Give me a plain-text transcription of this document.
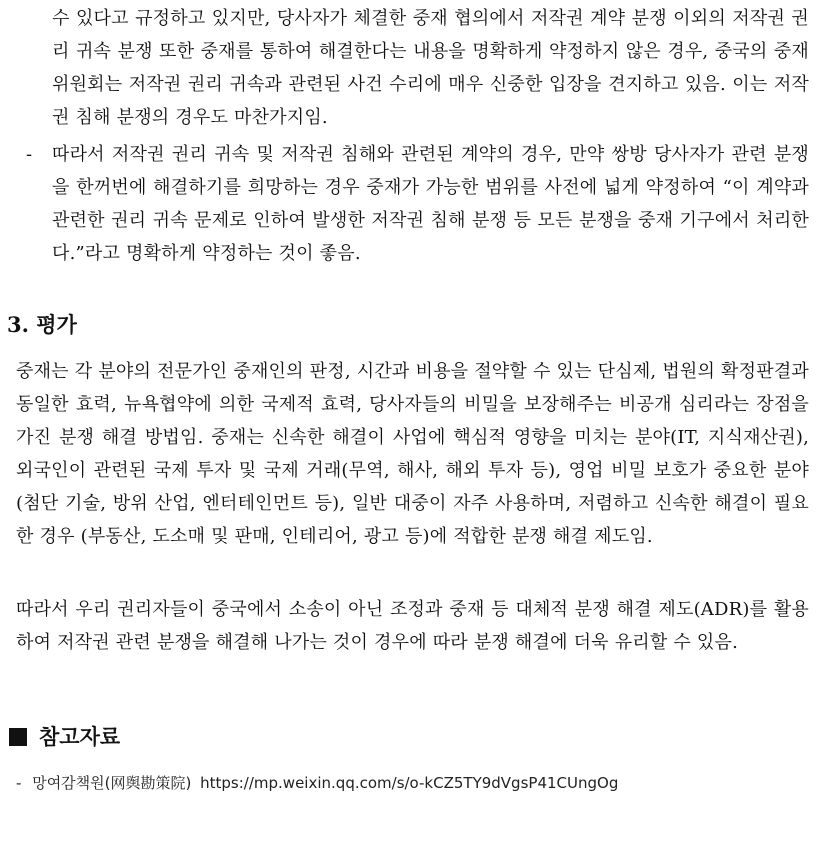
수 있다고 규정하고 있지만, 당사자가 체결한 중재 협의에서 저작권 계약 분쟁 이외의 저작권 권리 귀속 분쟁 또한 중재를 통하여 해결한다는 내용을 명확하게 약정하지 않은 경우, 중국의 중재위원회는 저작권 권리 귀속과 관련된 사건 수리에 매우 신중한 입장을 견지하고 있음. 이는 저작권 침해 분쟁의 경우도 마찬가지임.
-	따라서 저작권 권리 귀속 및 저작권 침해와 관련된 계약의 경우, 만약 쌍방 당사자가 관련 분쟁을 한꺼번에 해결하기를 희망하는 경우 중재가 가능한 범위를 사전에 넓게 약정하여 “이 계약과 관련한 권리 귀속 문제로 인하여 발생한 저작권 침해 분쟁 등 모든 분쟁을 중재 기구에서 처리한다.”라고 명확하게 약정하는 것이 좋음.
3. 평가
중재는 각 분야의 전문가인 중재인의 판정, 시간과 비용을 절약할 수 있는 단심제, 법원의 확정판결과 동일한 효력, 뉴욕협약에 의한 국제적 효력, 당사자들의 비밀을 보장해주는 비공개 심리라는 장점을 가진 분쟁 해결 방법임. 중재는 신속한 해결이 사업에 핵심적 영향을 미치는 분야(IT, 지식재산권), 외국인이 관련된 국제 투자 및 국제 거래(무역, 해사, 해외 투자 등), 영업 비밀 보호가 중요한 분야(첨단 기술, 방위 산업, 엔터테인먼트 등), 일반 대중이 자주 사용하며, 저렴하고 신속한 해결이 필요한 경우 (부동산, 도소매 및 판매, 인테리어, 광고 등)에 적합한 분쟁 해결 제도임.
따라서 우리 권리자들이 중국에서 소송이 아닌 조정과 중재 등 대체적 분쟁 해결 제도(ADR)를 활용하여 저작권 관련 분쟁을 해결해 나가는 것이 경우에 따라 분쟁 해결에 더욱 유리할 수 있음.
참고자료
- 망여감책원(网舆勘策院) https://mp.weixin.qq.com/s/o-kCZ5TY9dVgsP41CUngOg
